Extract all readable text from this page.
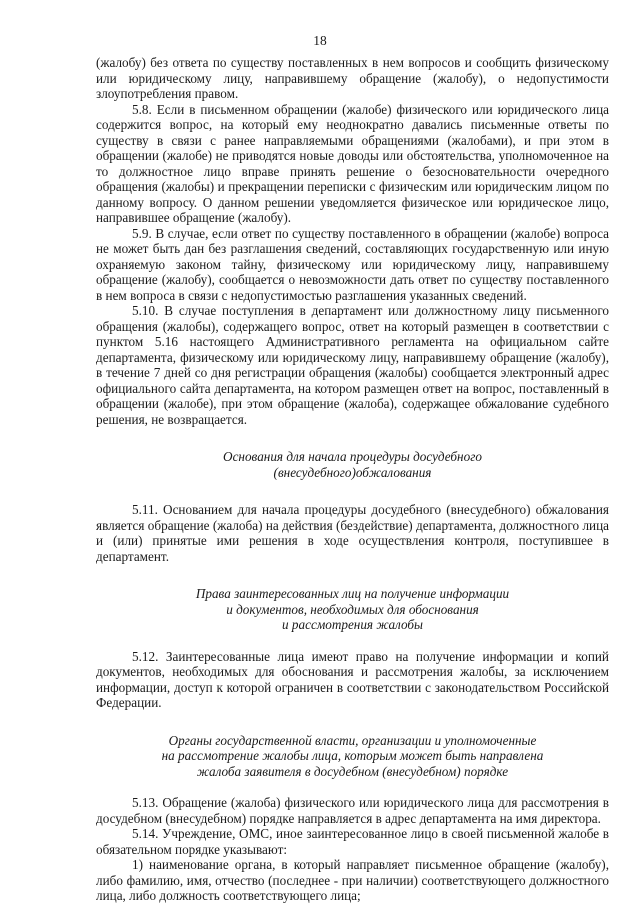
18

(жалобу) без ответа по существу поставленных в нем вопросов и сообщить физическому или юридическому лицу, направившему обращение (жалобу), о недопустимости злоупотребления правом.

5.8. Если в письменном обращении (жалобе) физического или юридического лица содержится вопрос, на который ему неоднократно давались письменные ответы по существу в связи с ранее направляемыми обращениями (жалобами), и при этом в обращении (жалобе) не приводятся новые доводы или обстоятельства, уполномоченное на то должностное лицо вправе принять решение о безосновательности очередного обращения (жалобы) и прекращении переписки с физическим или юридическим лицом по данному вопросу. О данном решении уведомляется физическое или юридическое лицо, направившее обращение (жалобу).

5.9. В случае, если ответ по существу поставленного в обращении (жалобе) вопроса не может быть дан без разглашения сведений, составляющих государственную или иную охраняемую законом тайну, физическому или юридическому лицу, направившему обращение (жалобу), сообщается о невозможности дать ответ по существу поставленного в нем вопроса в связи с недопустимостью разглашения указанных сведений.

5.10. В случае поступления в департамент или должностному лицу письменного обращения (жалобы), содержащего вопрос, ответ на который размещен в соответствии с пунктом 5.16 настоящего Административного регламента на официальном сайте департамента, физическому или юридическому лицу, направившему обращение (жалобу), в течение 7 дней со дня регистрации обращения (жалобы) сообщается электронный адрес официального сайта департамента, на котором размещен ответ на вопрос, поставленный в обращении (жалобе), при этом обращение (жалоба), содержащее обжалование судебного решения, не возвращается.

Основания для начала процедуры досудебного
(внесудебного)обжалования

5.11. Основанием для начала процедуры досудебного (внесудебного) обжалования является обращение (жалоба) на действия (бездействие) департамента, должностного лица и (или) принятые ими решения в ходе осуществления контроля, поступившее в департамент.

Права заинтересованных лиц на получение информации
и документов, необходимых для обоснования
и рассмотрения жалобы

5.12. Заинтересованные лица имеют право на получение информации и копий документов, необходимых для обоснования и рассмотрения жалобы, за исключением информации, доступ к которой ограничен в соответствии с законодательством Российской Федерации.

Органы государственной власти, организации и уполномоченные
на рассмотрение жалобы лица, которым может быть направлена
жалоба заявителя в досудебном (внесудебном) порядке

5.13. Обращение (жалоба) физического или юридического лица для рассмотрения в досудебном (внесудебном) порядке направляется в адрес департамента на имя директора.

5.14. Учреждение, ОМС, иное заинтересованное лицо в своей письменной жалобе в обязательном порядке указывают:

1) наименование органа, в который направляет письменное обращение (жалобу), либо фамилию, имя, отчество (последнее - при наличии) соответствующего должностного лица, либо должность соответствующего лица;
